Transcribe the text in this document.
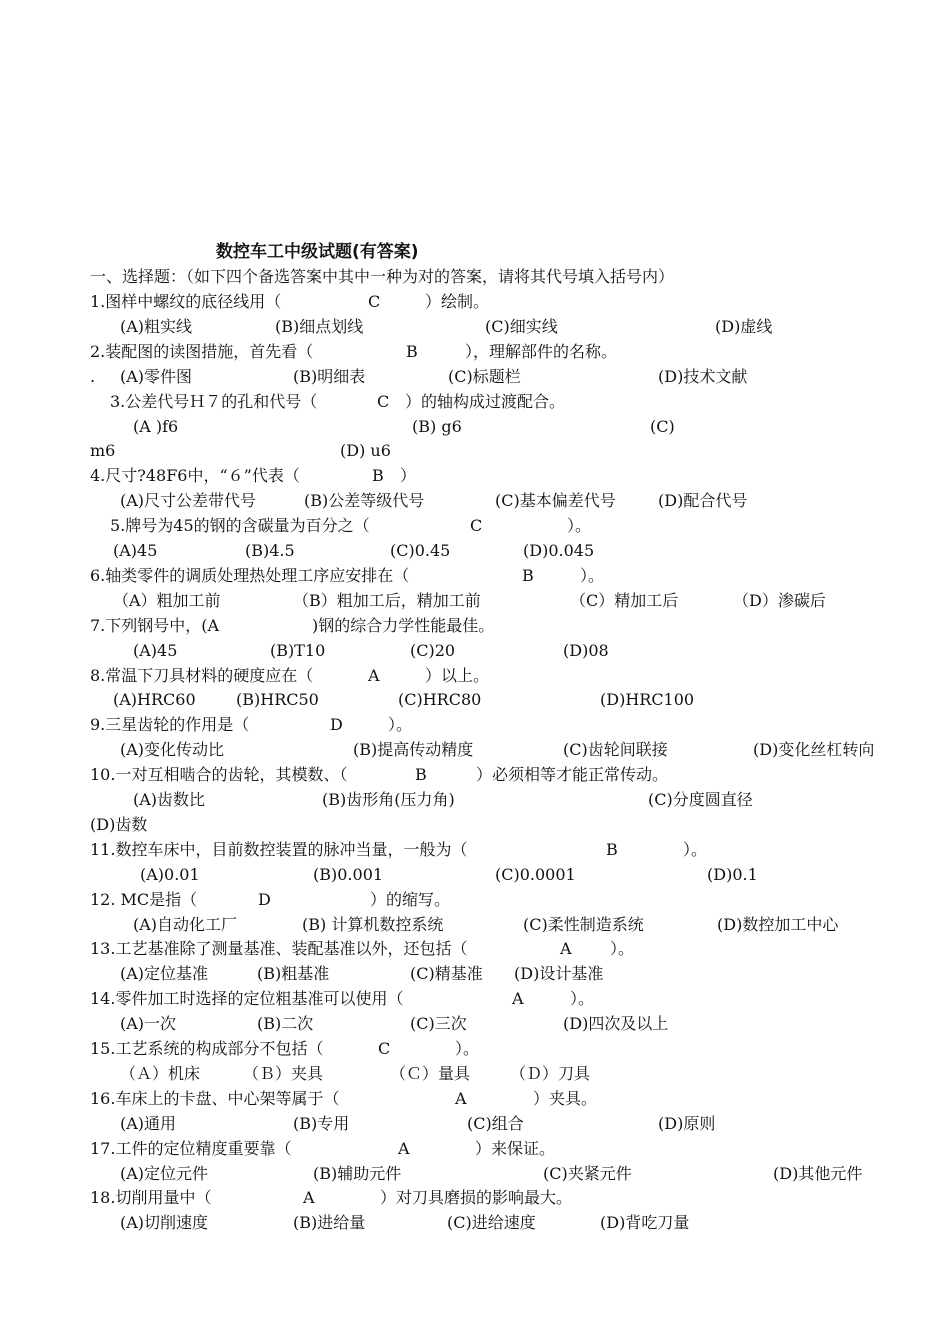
数控车工中级试题(有答案)
一、选择题：（如下四个备选答案中其中一种为对的答案，请将其代号填入括号内）
1.图样中螺纹的底径线用（	C	）绘制。
(A)粗实线	(B)细点划线	(C)细实线	(D)虚线
2.装配图的读图措施，首先看（	B	），理解部件的名称。
. (A)零件图	(B)明细表	(C)标题栏	(D)技术文献
3.公差代号Ｈ７的孔和代号（	C ）的轴构成过渡配合。
(A )f6	(B) g6	(C)
m6	(D) u6
4.尺寸?48F6中，“６”代表（	B ）
(A)尺寸公差带代号	(B)公差等级代号	(C)基本偏差代号	(D)配合代号
5.牌号为45的钢的含碳量为百分之（	C	）。
(A)45	(B)4.5	(C)0.45	(D)0.045
6.轴类零件的调质处理热处理工序应安排在（	B	）。
（A）粗加工前	（B）粗加工后，精加工前	（C）精加工后	（D）渗碳后
7.下列钢号中，(A	)钢的综合力学性能最佳。
(A)45	(B)T10	(C)20	(D)08
8.常温下刀具材料的硬度应在（	A	）以上。
(A)HRC60	(B)HRC50	(C)HRC80	(D)HRC100
9.三星齿轮的作用是（	D	）。
(A)变化传动比	(B)提高传动精度	(C)齿轮间联接	(D)变化丝杠转向
10.一对互相啮合的齿轮，其模数、（	B	）必须相等才能正常传动。
(A)齿数比	(B)齿形角(压力角)	(C)分度圆直径
(D)齿数
11.数控车床中，目前数控装置的脉冲当量，一般为（	B	）。
(A)0.01	(B)0.001	(C)0.0001	(D)0.1
12. MC是指（	D	）的缩写。
(A)自动化工厂	(B) 计算机数控系统	(C)柔性制造系统	(D)数控加工中心
13.工艺基准除了测量基准、装配基准以外，还包括（	A ）。
(A)定位基准	(B)粗基准	(C)精基准 (D)设计基准
14.零件加工时选择的定位粗基准可以使用（	A	）。
(A)一次	(B)二次	(C)三次	(D)四次及以上
15.工艺系统的构成部分不包括（	C	）。
（Ａ）机床	（Ｂ）夹具	（Ｃ）量具 （Ｄ）刀具
16.车床上的卡盘、中心架等属于（	A	）夹具。
(A)通用	(B)专用	(C)组合	(D)原则
17.工件的定位精度重要靠（	A	）来保证。
(A)定位元件	(B)辅助元件	(C)夹紧元件	(D)其他元件
18.切削用量中（	A	）对刀具磨损的影响最大。
(A)切削速度	(B)进给量	(C)进给速度	(D)背吃刀量
